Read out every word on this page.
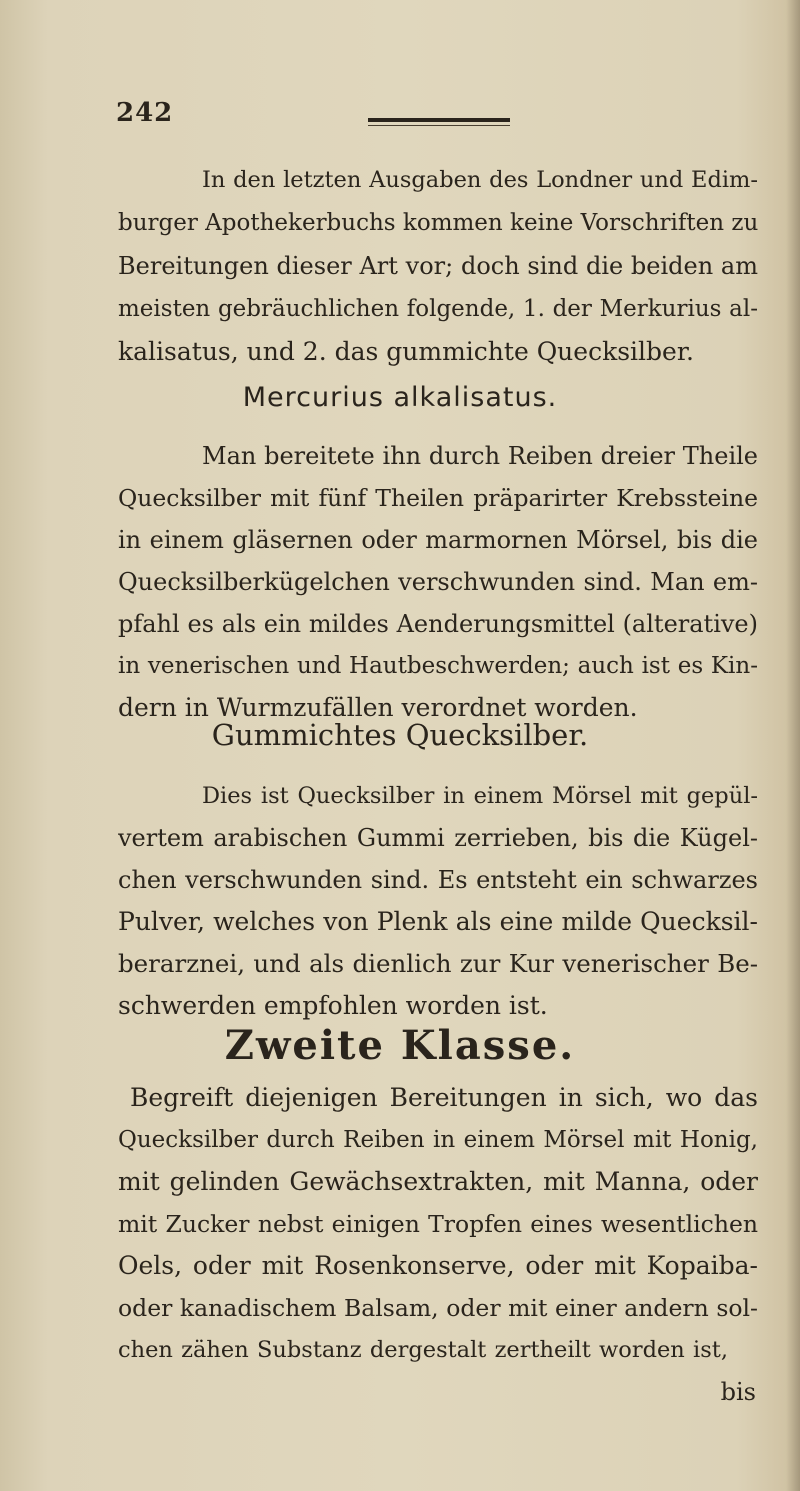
242
In den letzten Ausgaben des Londner und Edim-
burger Apothekerbuchs kommen keine Vorschriften zu
Bereitungen dieser Art vor; doch sind die beiden am
meisten gebräuchlichen folgende, 1. der Merkurius al-
kalisatus, und 2. das gummichte Quecksilber.
Mercurius alkalisatus.
Man bereitete ihn durch Reiben dreier Theile
Quecksilber mit fünf Theilen präparirter Krebssteine
in einem gläsernen oder marmornen Mörsel, bis die
Quecksilberkügelchen verschwunden sind. Man em-
pfahl es als ein mildes Aenderungsmittel (alterative)
in venerischen und Hautbeschwerden; auch ist es Kin-
dern in Wurmzufällen verordnet worden.
Gummichtes Quecksilber.
Dies ist Quecksilber in einem Mörsel mit gepül-
vertem arabischen Gummi zerrieben, bis die Kügel-
chen verschwunden sind. Es entsteht ein schwarzes
Pulver, welches von Plenk als eine milde Quecksil-
berarznei, und als dienlich zur Kur venerischer Be-
schwerden empfohlen worden ist.
Zweite Klasse.
Begreift diejenigen Bereitungen in sich, wo das
Quecksilber durch Reiben in einem Mörsel mit Honig,
mit gelinden Gewächsextrakten, mit Manna, oder
mit Zucker nebst einigen Tropfen eines wesentlichen
Oels, oder mit Rosenkonserve, oder mit Kopaiba-
oder kanadischem Balsam, oder mit einer andern sol-
chen zähen Substanz dergestalt zertheilt worden ist,
bis
